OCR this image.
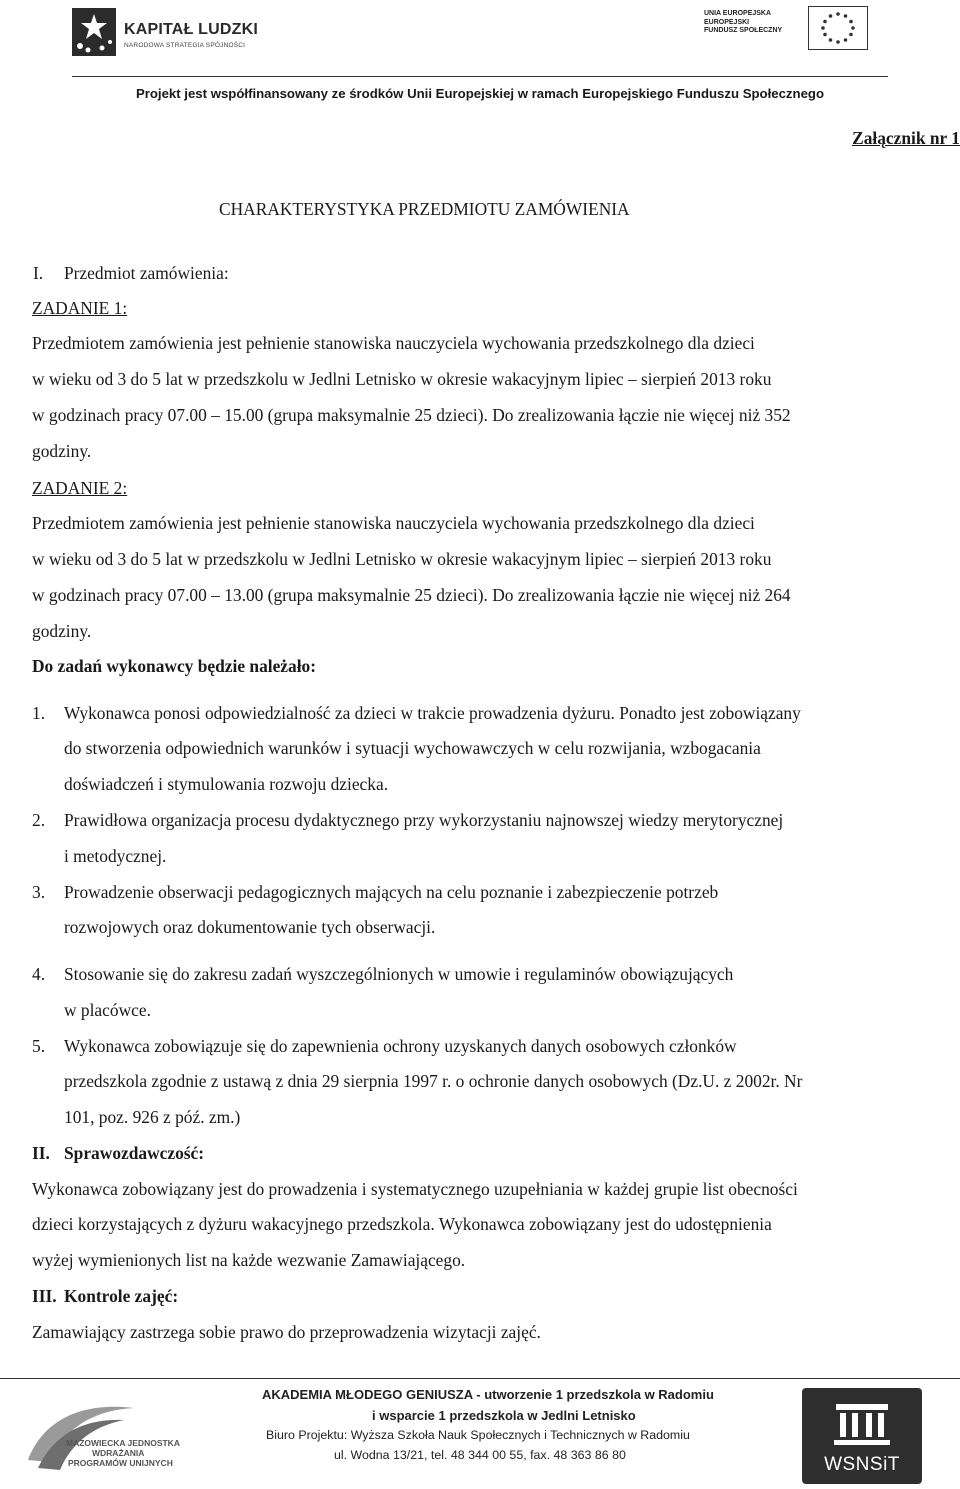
KAPITAŁ LUDZKI
NARODOWA STRATEGIA SPÓJNOŚCI
UNIA EUROPEJSKA
EUROPEJSKI
FUNDUSZ SPOŁECZNY
Projekt jest współfinansowany ze środków Unii Europejskiej w ramach Europejskiego Funduszu Społecznego
Załącznik nr 1
CHARAKTERYSTYKA PRZEDMIOTU ZAMÓWIENIA
I. Przedmiot zamówienia:
ZADANIE 1:
Przedmiotem zamówienia jest pełnienie stanowiska nauczyciela wychowania przedszkolnego dla dzieci
w wieku od 3 do 5 lat w przedszkolu w Jedlni Letnisko w okresie wakacyjnym lipiec – sierpień 2013 roku
w godzinach pracy 07.00 – 15.00 (grupa maksymalnie 25 dzieci). Do zrealizowania łączie nie więcej niż 352
godziny.
ZADANIE 2:
Przedmiotem zamówienia jest pełnienie stanowiska nauczyciela wychowania przedszkolnego dla dzieci
w wieku od 3 do 5 lat w przedszkolu w Jedlni Letnisko w okresie wakacyjnym lipiec – sierpień 2013 roku
w godzinach pracy 07.00 – 13.00 (grupa maksymalnie 25 dzieci). Do zrealizowania łączie nie więcej niż 264
godziny.
Do zadań wykonawcy będzie należało:
1. Wykonawca ponosi odpowiedzialność za dzieci w trakcie prowadzenia dyżuru. Ponadto jest zobowiązany
do stworzenia odpowiednich warunków i sytuacji wychowawczych w celu rozwijania, wzbogacania
doświadczeń i stymulowania rozwoju dziecka.
2. Prawidłowa organizacja procesu dydaktycznego przy wykorzystaniu najnowszej wiedzy merytorycznej
i metodycznej.
3. Prowadzenie obserwacji pedagogicznych mających na celu poznanie i zabezpieczenie potrzeb
rozwojowych oraz dokumentowanie tych obserwacji.
4. Stosowanie się do zakresu zadań wyszczególnionych w umowie i regulaminów obowiązujących
w placówce.
5. Wykonawca zobowiązuje się do zapewnienia ochrony uzyskanych danych osobowych członków
przedszkola zgodnie z ustawą z dnia 29 sierpnia 1997 r. o ochronie danych osobowych (Dz.U. z 2002r. Nr
101, poz. 926 z póź. zm.)
II. Sprawozdawczość:
Wykonawca zobowiązany jest do prowadzenia i systematycznego uzupełniania w każdej grupie list obecności
dzieci korzystających z dyżuru wakacyjnego przedszkola. Wykonawca zobowiązany jest do udostępnienia
wyżej wymienionych list na każde wezwanie Zamawiającego.
III. Kontrole zajęć:
Zamawiający zastrzega sobie prawo do przeprowadzenia wizytacji zajęć.
MAZOWIECKA JEDNOSTKA
WDRAŻANIA
PROGRAMÓW UNIJNYCH
AKADEMIA MŁODEGO GENIUSZA - utworzenie 1 przedszkola w Radomiu
i wsparcie 1 przedszkola w Jedlni Letnisko
Biuro Projektu: Wyższa Szkoła Nauk Społecznych i Technicznych w Radomiu
ul. Wodna 13/21, tel. 48 344 00 55, fax. 48 363 86 80	WSNSiT
